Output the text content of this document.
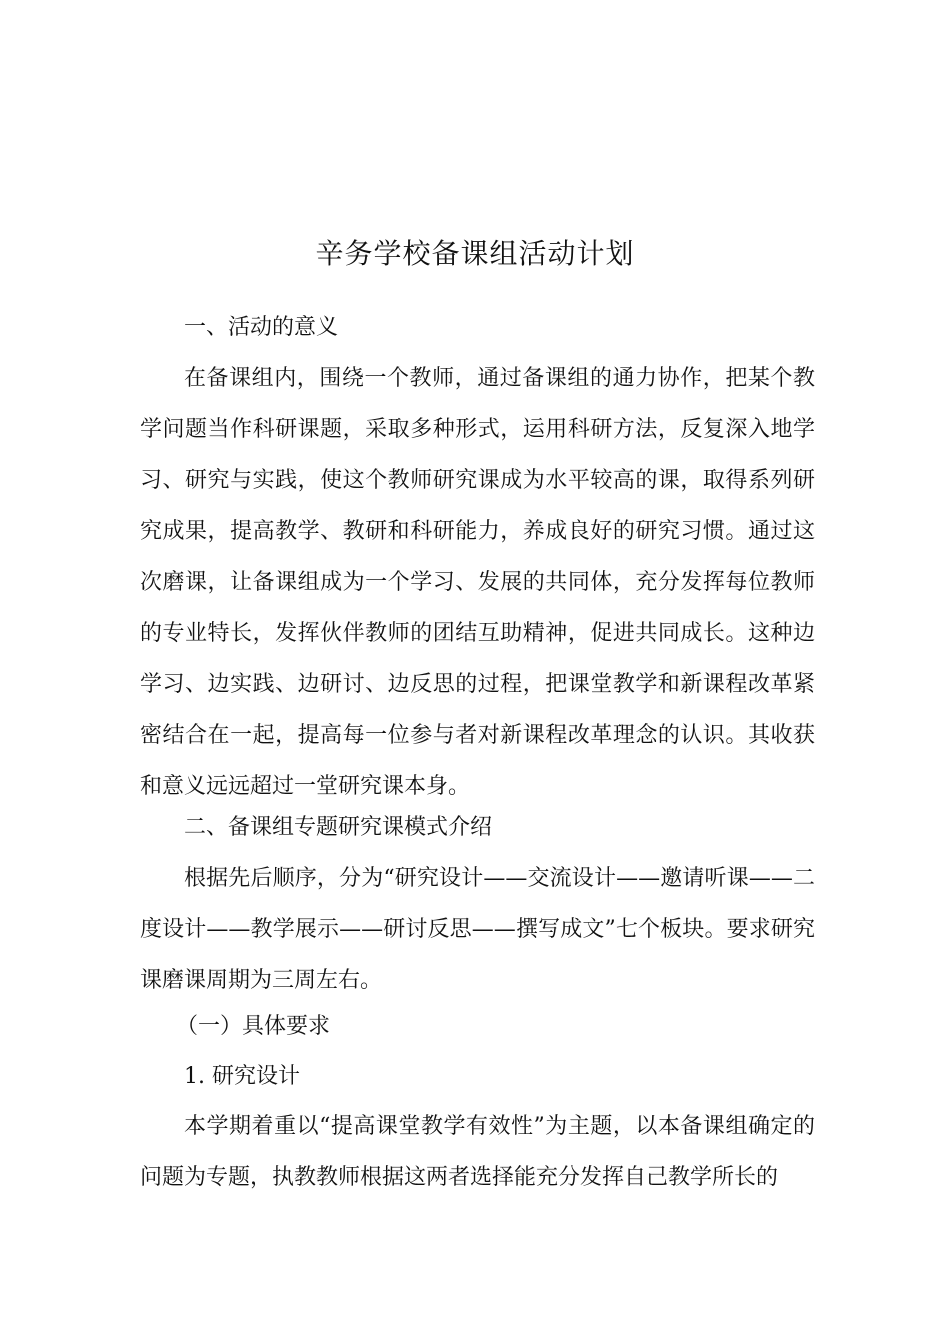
辛务学校备课组活动计划

一、活动的意义

在备课组内，围绕一个教师，通过备课组的通力协作，把某个教学问题当作科研课题，采取多种形式，运用科研方法，反复深入地学习、研究与实践，使这个教师研究课成为水平较高的课，取得系列研究成果，提高教学、教研和科研能力，养成良好的研究习惯。通过这次磨课，让备课组成为一个学习、发展的共同体，充分发挥每位教师的专业特长，发挥伙伴教师的团结互助精神，促进共同成长。这种边学习、边实践、边研讨、边反思的过程，把课堂教学和新课程改革紧密结合在一起，提高每一位参与者对新课程改革理念的认识。其收获和意义远远超过一堂研究课本身。

二、备课组专题研究课模式介绍

根据先后顺序，分为“研究设计——交流设计——邀请听课——二度设计——教学展示——研讨反思——撰写成文”七个板块。要求研究课磨课周期为三周左右。

（一）具体要求

1. 研究设计

本学期着重以“提高课堂教学有效性”为主题，以本备课组确定的问题为专题，执教教师根据这两者选择能充分发挥自己教学所长的
